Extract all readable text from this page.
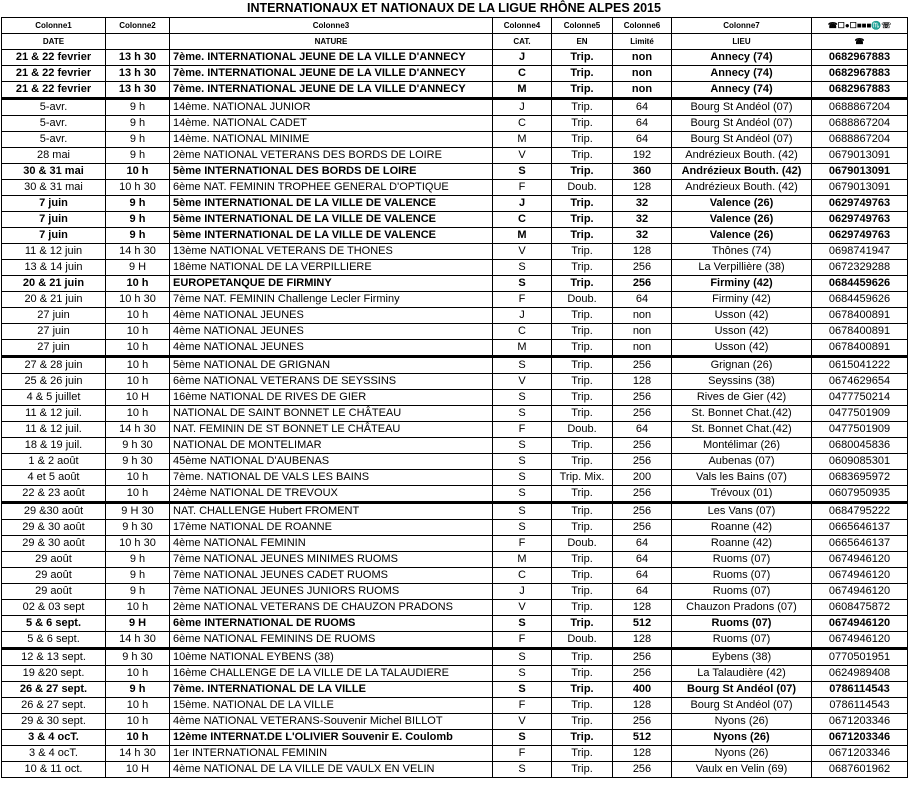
INTERNATIONAUX ET NATIONAUX DE LA LIGUE RHÔNE ALPES 2015
Colonne1	Colonne2	Colonne3	Colonne4	Colonne5	Colonne6	Colonne7	☎☐●☐■■■♏☏
DATE		NATURE	CAT.	EN	Limité	LIEU	☎
21 & 22 fevrier	13 h 30	7ème. INTERNATIONAL JEUNE DE LA VILLE D'ANNECY	J	Trip.	non	Annecy (74)	0682967883
21 & 22 fevrier	13 h 30	7ème. INTERNATIONAL JEUNE DE LA VILLE D'ANNECY	C	Trip.	non	Annecy (74)	0682967883
21 & 22 fevrier	13 h 30	7ème. INTERNATIONAL JEUNE DE LA VILLE D'ANNECY	M	Trip.	non	Annecy (74)	0682967883
5-avr.	9 h	14ème. NATIONAL JUNIOR	J	Trip.	64	Bourg St Andéol (07)	0688867204
5-avr.	9 h	14ème. NATIONAL CADET	C	Trip.	64	Bourg St Andéol (07)	0688867204
5-avr.	9 h	14ème. NATIONAL MINIME	M	Trip.	64	Bourg St Andéol (07)	0688867204
28 mai	9 h	2ème NATIONAL VETERANS DES BORDS DE LOIRE	V	Trip.	192	Andrézieux Bouth. (42)	0679013091
30 & 31 mai	10 h	5ème INTERNATIONAL DES BORDS DE LOIRE	S	Trip.	360	Andrézieux Bouth. (42)	0679013091
30 & 31 mai	10 h 30	6ème NAT. FEMININ TROPHEE GENERAL D'OPTIQUE	F	Doub.	128	Andrézieux Bouth. (42)	0679013091
7 juin	9 h	5ème INTERNATIONAL DE LA VILLE DE VALENCE	J	Trip.	32	Valence (26)	0629749763
7 juin	9 h	5ème INTERNATIONAL DE LA VILLE DE VALENCE	C	Trip.	32	Valence (26)	0629749763
7 juin	9 h	5ème INTERNATIONAL DE LA VILLE DE VALENCE	M	Trip.	32	Valence (26)	0629749763
11 & 12 juin	14 h 30	13ème NATIONAL VETERANS DE THONES	V	Trip.	128	Thônes (74)	0698741947
13 & 14 juin	9 H	18ème NATIONAL DE LA VERPILLIERE	S	Trip.	256	La Verpillière (38)	0672329288
20 & 21 juin	10 h	EUROPETANQUE DE FIRMINY	S	Trip.	256	Firminy (42)	0684459626
20 & 21 juin	10 h 30	7ème NAT. FEMININ Challenge Lecler Firminy	F	Doub.	64	Firminy (42)	0684459626
27 juin	10 h	4ème NATIONAL JEUNES	J	Trip.	non	Usson (42)	0678400891
27 juin	10 h	4ème NATIONAL JEUNES	C	Trip.	non	Usson (42)	0678400891
27 juin	10 h	4ème NATIONAL JEUNES	M	Trip.	non	Usson (42)	0678400891
27 & 28 juin	10 h	5ème NATIONAL DE GRIGNAN	S	Trip.	256	Grignan (26)	0615041222
25 & 26 juin	10 h	6ème NATIONAL VETERANS DE SEYSSINS	V	Trip.	128	Seyssins (38)	0674629654
4 & 5 juillet	10 H	16ème NATIONAL DE RIVES DE GIER	S	Trip.	256	Rives de Gier (42)	0477750214
11 & 12 juil.	10 h	NATIONAL DE SAINT BONNET LE CHÂTEAU	S	Trip.	256	St. Bonnet Chat.(42)	0477501909
11 & 12 juil.	14 h 30	NAT. FEMININ DE ST BONNET LE CHÂTEAU	F	Doub.	64	St. Bonnet Chat.(42)	0477501909
18 & 19 juil.	9 h 30	NATIONAL DE MONTELIMAR	S	Trip.	256	Montélimar (26)	0680045836
1 & 2 août	9 h 30	45ème NATIONAL D'AUBENAS	S	Trip.	256	Aubenas (07)	0609085301
4 et 5 août	10 h	7ème. NATIONAL DE VALS LES BAINS	S	Trip. Mix.	200	Vals les Bains (07)	0683695972
22 & 23 août	10 h	24ème NATIONAL DE TREVOUX	S	Trip.	256	Trévoux (01)	0607950935
29 &30 août	9 H 30	NAT. CHALLENGE Hubert FROMENT	S	Trip.	256	Les Vans (07)	0684795222
29 & 30 août	9 h 30	17ème NATIONAL DE ROANNE	S	Trip.	256	Roanne (42)	0665646137
29 & 30 août	10 h 30	4ème NATIONAL FEMININ	F	Doub.	64	Roanne (42)	0665646137
29 août	9 h	7ème NATIONAL JEUNES MINIMES RUOMS	M	Trip.	64	Ruoms (07)	0674946120
29 août	9 h	7ème NATIONAL JEUNES CADET RUOMS	C	Trip.	64	Ruoms (07)	0674946120
29 août	9 h	7ème NATIONAL JEUNES JUNIORS RUOMS	J	Trip.	64	Ruoms (07)	0674946120
02 & 03 sept	10 h	2ème NATIONAL VETERANS DE CHAUZON PRADONS	V	Trip.	128	Chauzon Pradons (07)	0608475872
5 & 6 sept.	9 H	6ème INTERNATIONAL DE RUOMS	S	Trip.	512	Ruoms (07)	0674946120
5 & 6 sept.	14 h 30	6ème NATIONAL FEMININS DE RUOMS	F	Doub.	128	Ruoms (07)	0674946120
12 & 13 sept.	9 h 30	10ème NATIONAL EYBENS (38)	S	Trip.	256	Eybens (38)	0770501951
19 &20 sept.	10 h	16ème CHALLENGE DE LA VILLE DE LA TALAUDIERE	S	Trip.	256	La Talaudière (42)	0624989408
26 & 27 sept.	9 h	7ème. INTERNATIONAL DE LA VILLE	S	Trip.	400	Bourg St Andéol (07)	0786114543
26 & 27 sept.	10 h	15ème. NATIONAL DE LA VILLE	F	Trip.	128	Bourg St Andéol (07)	0786114543
29 & 30 sept.	10 h	4ème NATIONAL VETERANS-Souvenir Michel BILLOT	V	Trip.	256	Nyons (26)	0671203346
3 & 4 ocT.	10 h	12ème INTERNAT.DE L'OLIVIER Souvenir E. Coulomb	S	Trip.	512	Nyons (26)	0671203346
3 & 4 ocT.	14 h 30	1er INTERNATIONAL FEMININ	F	Trip.	128	Nyons (26)	0671203346
10 & 11 oct.	10 H	4ème NATIONAL DE LA VILLE DE VAULX EN VELIN	S	Trip.	256	Vaulx en Velin (69)	0687601962
